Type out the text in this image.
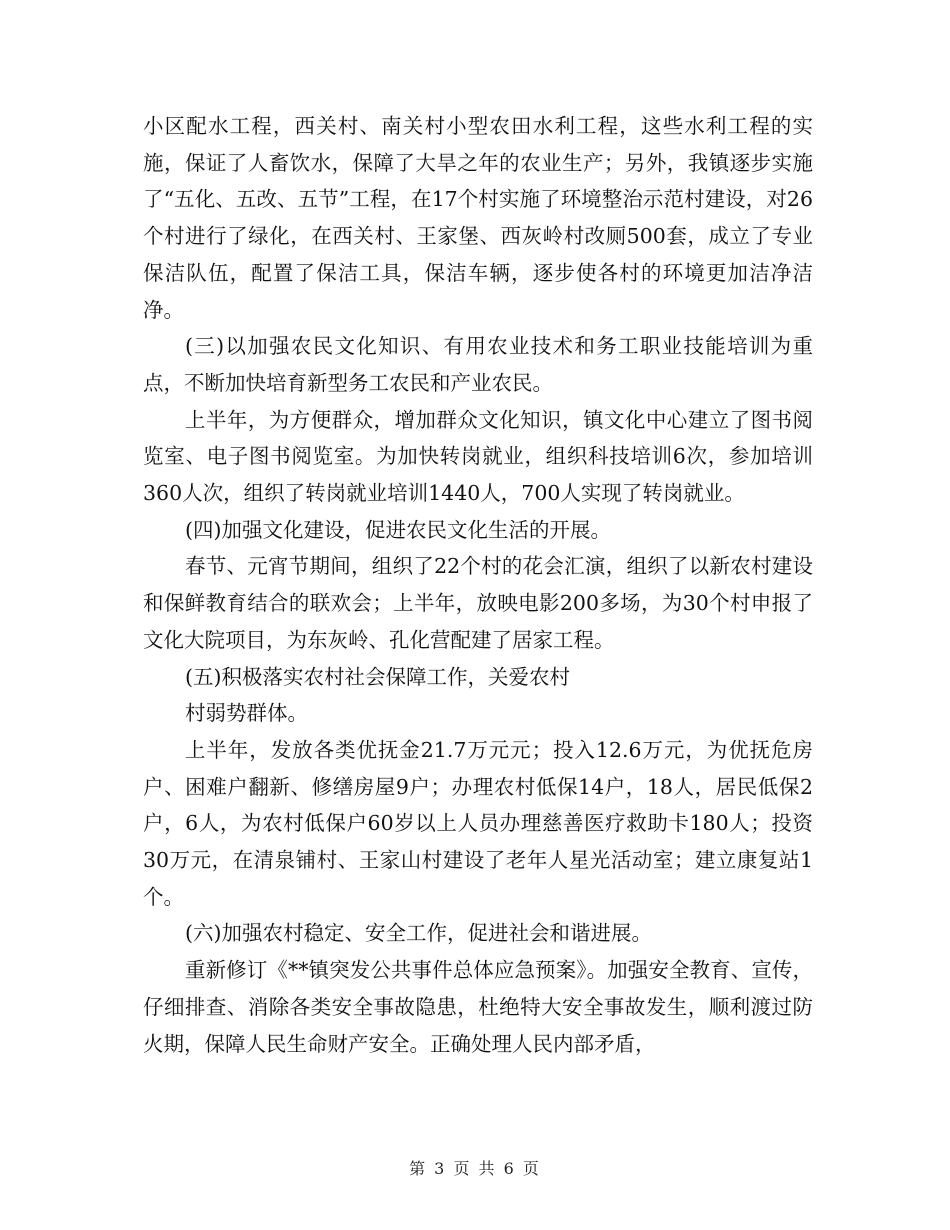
小区配水工程，西关村、南关村小型农田水利工程，这些水利工程的实施，保证了人畜饮水，保障了大旱之年的农业生产；另外，我镇逐步实施了“五化、五改、五节”工程，在17个村实施了环境整治示范村建设，对26个村进行了绿化，在西关村、王家堡、西灰岭村改厕500套，成立了专业保洁队伍，配置了保洁工具，保洁车辆，逐步使各村的环境更加洁净洁净。

(三)以加强农民文化知识、有用农业技术和务工职业技能培训为重点，不断加快培育新型务工农民和产业农民。

上半年，为方便群众，增加群众文化知识，镇文化中心建立了图书阅览室、电子图书阅览室。为加快转岗就业，组织科技培训6次，参加培训360人次，组织了转岗就业培训1440人，700人实现了转岗就业。

(四)加强文化建设，促进农民文化生活的开展。

春节、元宵节期间，组织了22个村的花会汇演，组织了以新农村建设和保鲜教育结合的联欢会；上半年，放映电影200多场，为30个村申报了文化大院项目，为东灰岭、孔化营配建了居家工程。

(五)积极落实农村社会保障工作，关爱农村

村弱势群体。

上半年，发放各类优抚金21.7万元元；投入12.6万元，为优抚危房户、困难户翻新、修缮房屋9户；办理农村低保14户，18人，居民低保2户，6人，为农村低保户60岁以上人员办理慈善医疗救助卡180人；投资30万元，在清泉铺村、王家山村建设了老年人星光活动室；建立康复站1个。

(六)加强农村稳定、安全工作，促进社会和谐进展。

重新修订《**镇突发公共事件总体应急预案》。加强安全教育、宣传，仔细排查、消除各类安全事故隐患，杜绝特大安全事故发生，顺利渡过防火期，保障人民生命财产安全。正确处理人民内部矛盾，

第 3 页 共 6 页
